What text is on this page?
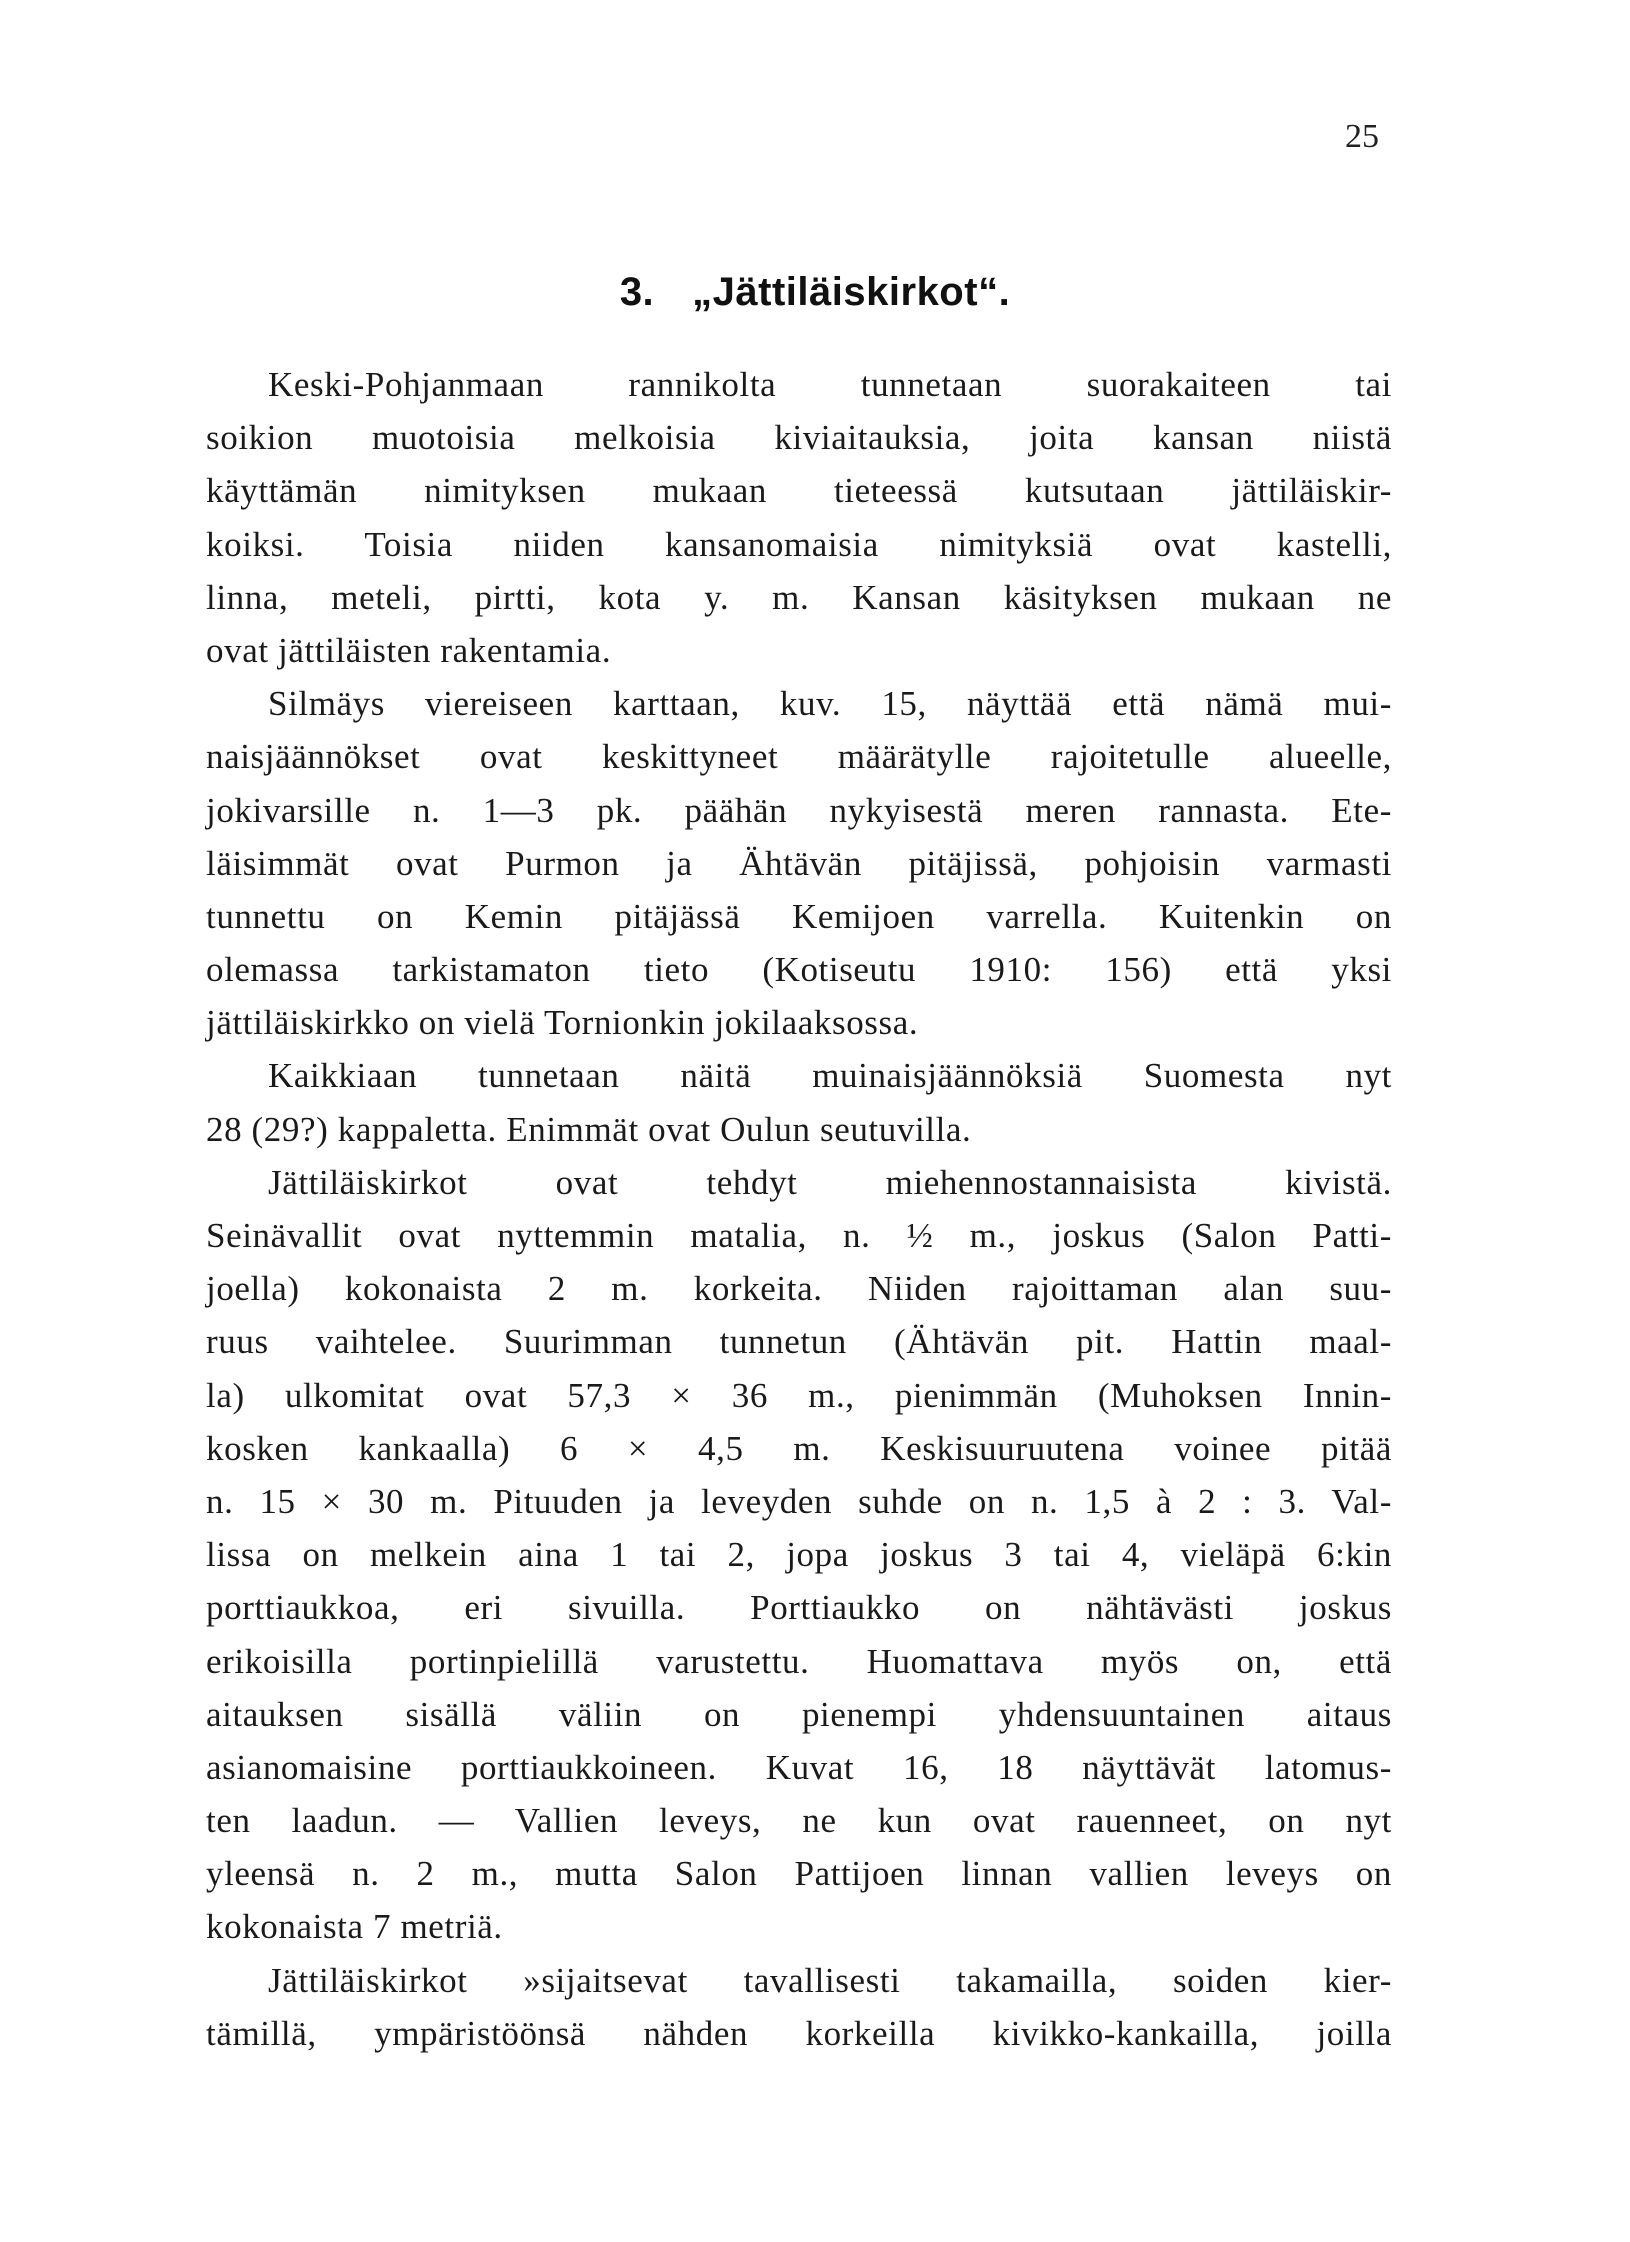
25
3. „Jättiläiskirkot“.
Keski-Pohjanmaan rannikolta tunnetaan suorakaiteen tai
soikion muotoisia melkoisia kiviaitauksia, joita kansan niistä
käyttämän nimityksen mukaan tieteessä kutsutaan jättiläiskir-
koiksi. Toisia niiden kansanomaisia nimityksiä ovat kastelli,
linna, meteli, pirtti, kota y. m. Kansan käsityksen mukaan ne
ovat jättiläisten rakentamia.
Silmäys viereiseen karttaan, kuv. 15, näyttää että nämä mui-
naisjäännökset ovat keskittyneet määrätylle rajoitetulle alueelle,
jokivarsille n. 1—3 pk. päähän nykyisestä meren rannasta. Ete-
läisimmät ovat Purmon ja Ähtävän pitäjissä, pohjoisin varmasti
tunnettu on Kemin pitäjässä Kemijoen varrella. Kuitenkin on
olemassa tarkistamaton tieto (Kotiseutu 1910: 156) että yksi
jättiläiskirkko on vielä Tornionkin jokilaaksossa.
Kaikkiaan tunnetaan näitä muinaisjäännöksiä Suomesta nyt
28 (29?) kappaletta. Enimmät ovat Oulun seutuvilla.
Jättiläiskirkot ovat tehdyt miehennostannaisista kivistä.
Seinävallit ovat nyttemmin matalia, n. ½ m., joskus (Salon Patti-
joella) kokonaista 2 m. korkeita. Niiden rajoittaman alan suu-
ruus vaihtelee. Suurimman tunnetun (Ähtävän pit. Hattin maal-
la) ulkomitat ovat 57,3 × 36 m., pienimmän (Muhoksen Innin-
kosken kankaalla) 6 × 4,5 m. Keskisuuruutena voinee pitää
n. 15 × 30 m. Pituuden ja leveyden suhde on n. 1,5 à 2 : 3. Val-
lissa on melkein aina 1 tai 2, jopa joskus 3 tai 4, vieläpä 6:kin
porttiaukkoa, eri sivuilla. Porttiaukko on nähtävästi joskus
erikoisilla portinpielillä varustettu. Huomattava myös on, että
aitauksen sisällä väliin on pienempi yhdensuuntainen aitaus
asianomaisine porttiaukkoineen. Kuvat 16, 18 näyttävät latomus-
ten laadun. — Vallien leveys, ne kun ovat rauenneet, on nyt
yleensä n. 2 m., mutta Salon Pattijoen linnan vallien leveys on
kokonaista 7 metriä.
Jättiläiskirkot »sijaitsevat tavallisesti takamailla, soiden kier-
tämillä, ympäristöönsä nähden korkeilla kivikko-kankailla, joilla
